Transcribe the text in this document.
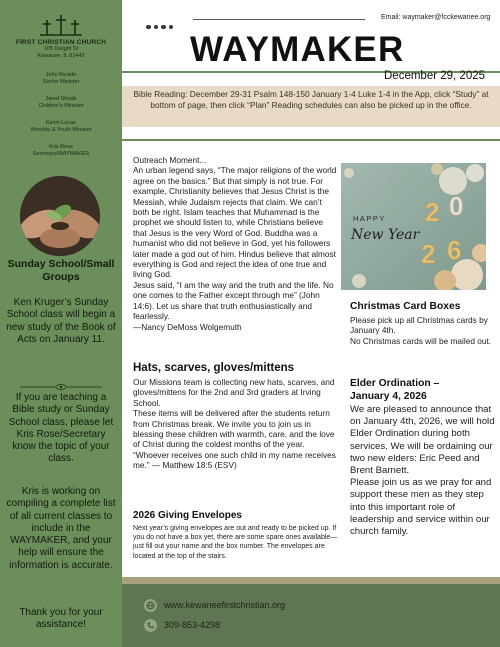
FIRST CHRISTIAN CHURCH
105 Dwight St
Kewanee, IL 61443
John Reside
Senior Minister
Jared Strode
Children's Minister
Kevin Lucas
Worship & Youth Minister
Kris Rose
Secretary/WAYMAKER
Sunday School/Small Groups
Ken Kruger’s Sunday School class will begin a new study of the Book of Acts on January 11.
If you are teaching a Bible study or Sunday School class, please let Kris Rose/Secretary know the topic of your class.
Kris is working on compiling a complete list of all current classes to include in the WAYMAKER, and your help will ensure the information is accurate.
Thank you for your assistance!
Email: waymaker@fcckewanee.org
WAYMAKER
December 29, 2025
Bible Reading: December 29-31 Psalm 148-150 January 1-4 Luke 1-4 in the App, click “Study” at bottom of page, then click “Plan” Reading schedules can also be picked up in the office.
Outreach Moment...
An urban legend says, “The major religions of the world agree on the basics.” But that simply is not true. For example, Christianity believes that Jesus Christ is the Messiah, while Judaism rejects that claim. We can’t both be right. Islam teaches that Muhammad is the prophet we should listen to, while Christians believe that Jesus is the very Word of God. Buddha was a humanist who did not believe in God, yet his followers later made a god out of him. Hindus believe that almost everything is God and reject the idea of one true and living God.
Jesus said, “I am the way and the truth and the life. No one comes to the Father except through me” (John 14:6). Let us share that truth enthusiastically and fearlessly.
—Nancy DeMoss Wolgemuth
Hats, scarves, gloves/mittens
Our Missions team is collecting new hats, scarves, and gloves/mittens for the 2nd and 3rd graders at Irving School.
These items will be delivered after the students return from Christmas break. We invite you to join us in blessing these children with warmth, care, and the love of Christ during the coldest months of the year.
“Whoever receives one such child in my name receives me.” — Matthew 18:5 (ESV)
2026 Giving Envelopes
Next year’s giving envelopes are out and ready to be picked up. If you do not have a box yet, there are some spare ones available—just fill out your name and the box number. The envelopes are located at the top of the stairs.
HAPPY
New Year
2 0
2 6
Christmas Card Boxes
Please pick up all Christmas cards by January 4th.
No Christmas cards will be mailed out.
Elder Ordination –
January 4, 2026
We are pleased to announce that on January 4th, 2026, we will hold Elder Ordination during both services. We will be ordaining our two new elders: Eric Peed and Brent Barnett.
Please join us as we pray for and support these men as they step into this important role of leadership and service within our church family.
www.kewaneefirstchristian.org
309-853-4298
